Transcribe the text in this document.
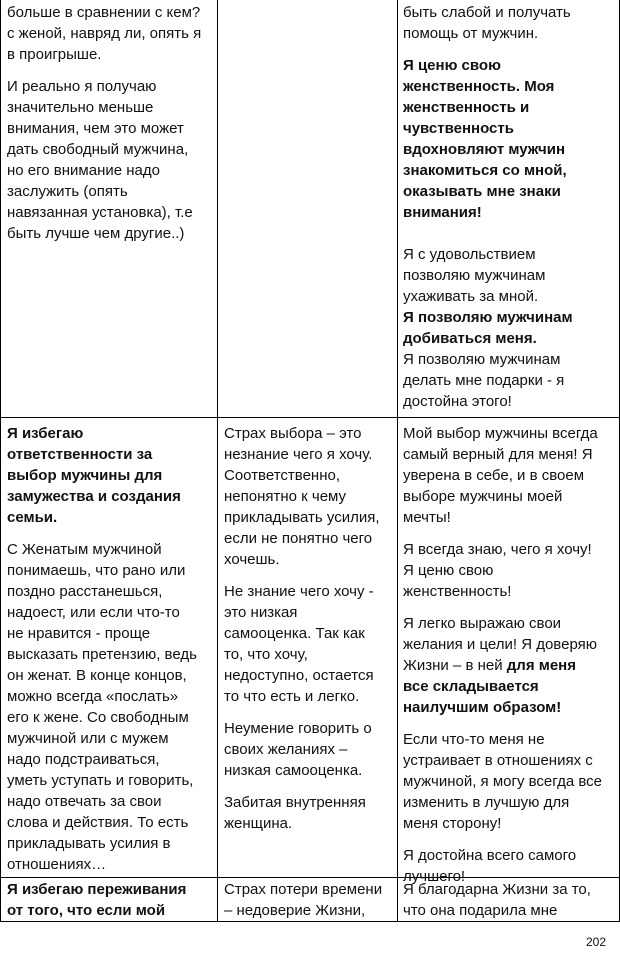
больше в сравнении с кем?
с женой, навряд ли, опять я
в проигрыше.

И реально я получаю
значительно меньше
внимания, чем это может
дать свободный мужчина,
но его внимание надо
заслужить (опять
навязанная установка), т.е
быть лучше чем другие..)

быть слабой и получать
помощь от мужчин.

Я ценю свою
женственность. Моя
женственность и
чувственность
вдохновляют мужчин
знакомиться со мной,
оказывать мне знаки
внимания!

Я с удовольствием
позволяю мужчинам
ухаживать за мной.

Я позволяю мужчинам
добиваться меня.

Я позволяю мужчинам
делать мне подарки - я
достойна этого!

Я избегаю
ответственности за
выбор мужчины для
замужества и создания
семьи.

С Женатым мужчиной
понимаешь, что рано или
поздно расстанешься,
надоест, или если что-то
не нравится - проще
высказать претензию, ведь
он женат. В конце концов,
можно всегда «послать»
его к жене. Со свободным
мужчиной или с мужем
надо подстраиваться,
уметь уступать и говорить,
надо отвечать за свои
слова и действия. То есть
прикладывать усилия в
отношениях…

Страх выбора – это
незнание чего я хочу.
Соответственно,
непонятно к чему
прикладывать усилия,
если не понятно чего
хочешь.

Не знание чего хочу -
это низкая
самооценка. Так как
то, что хочу,
недоступно, остается
то что есть и легко.

Неумение говорить о
своих желаниях –
низкая самооценка.

Забитая внутренняя
женщина.

Мой выбор мужчины всегда
самый верный для меня! Я
уверена в себе, и в своем
выборе мужчины моей
мечты!

Я всегда знаю, чего я хочу!
Я ценю свою
женственность!

Я легко выражаю свои
желания и цели! Я доверяю
Жизни – в ней для меня
все складывается
наилучшим образом!

Если что-то меня не
устраивает в отношениях с
мужчиной, я могу всегда все
изменить в лучшую для
меня сторону!

Я достойна всего самого
лучшего!

Я избегаю переживания
от того, что если мой

Страх потери времени
– недоверие Жизни,

Я благодарна Жизни за то,
что она подарила мне

202
